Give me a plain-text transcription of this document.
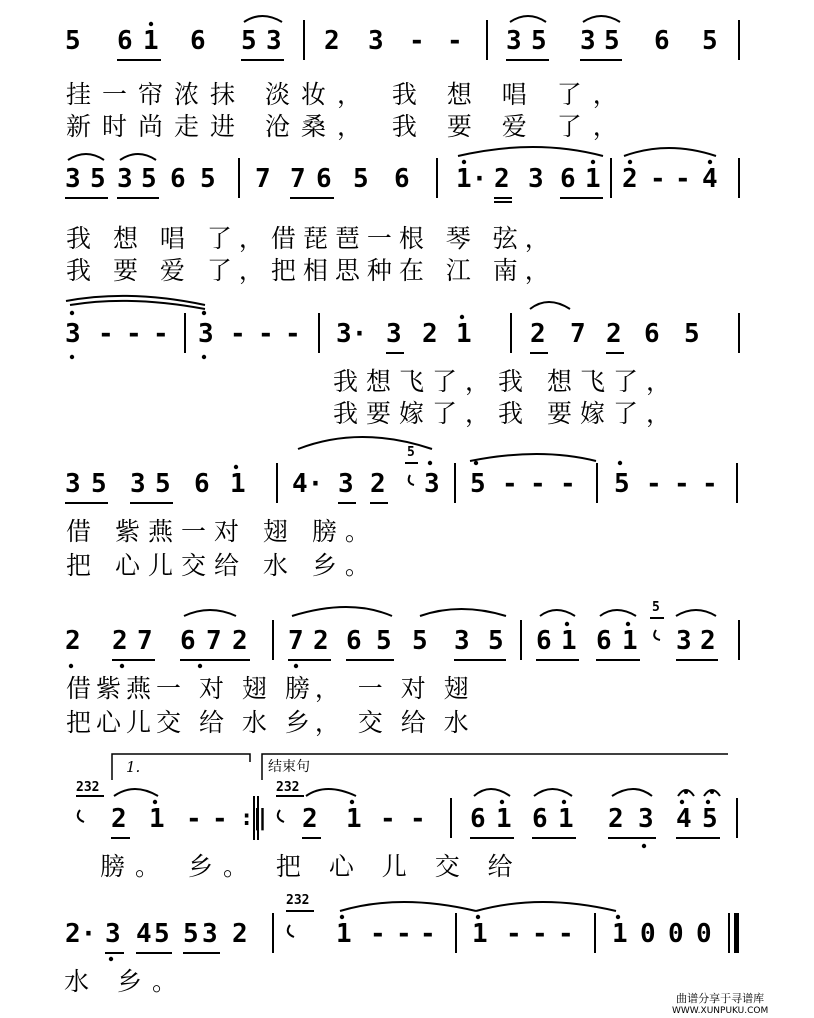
5 6 1 6 5 3 2 3 - - 3 5 3 5 6 5
挂一帘浓抹 淡妆， 我 想 唱 了，
新时尚走进 沧桑， 我 要 爱 了，
3 5 3 5 6 5 7 7 6 5 6 1· 2 3 6 1 2 - - 4
我 想 唱 了，借琵琶一根 琴 弦，
我 要 爱 了，把相思种在 江 南，
3 - - - 3 - - - 3· 3 2 1 2 7 2 6 5
我想飞了，我 想飞了，
我要嫁了，我 要嫁了，
3 5 3 5 6 1 4· 3 2 3 5 - - - 5 - - -
5
借 紫燕一对 翅 膀。
把 心儿交给 水 乡。
2 2 7 6 7 2 7 2 6 5 5 3 5 6 1 6 1 3 2
5
借紫燕一 对 翅 膀， 一 对 翅
把心儿交 给 水 乡， 交 给 水
1.	结束句
232
2 1 - - :‖
232
2 1 - - 6 1 6 1 2 3 4 5
膀。 乡。 把 心 儿 交 给
2· 3 4 5 5 3 2
232
1 - - - 1 - - - 1 0 0 0
水 乡。
曲谱分享于寻谱库
WWW.XUNPUKU.COM
